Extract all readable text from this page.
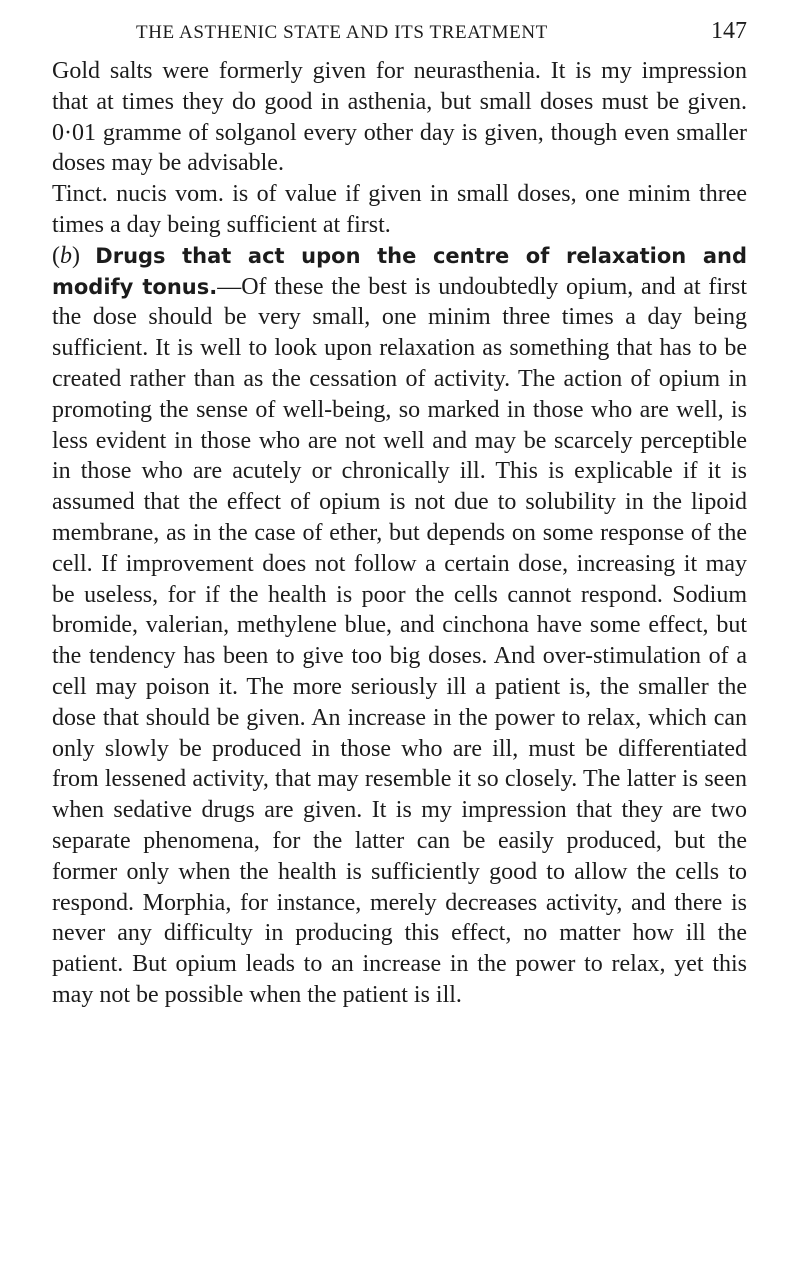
THE ASTHENIC STATE AND ITS TREATMENT	147

Gold salts were formerly given for neurasthenia. It is my impression that at times they do good in asthenia, but small doses must be given. 0·01 gramme of solganol every other day is given, though even smaller doses may be advisable.

Tinct. nucis vom. is of value if given in small doses, one minim three times a day being sufficient at first.

(b) Drugs that act upon the centre of relaxation and modify tonus.—Of these the best is undoubtedly opium, and at first the dose should be very small, one minim three times a day being sufficient. It is well to look upon relaxation as something that has to be created rather than as the cessation of activity. The action of opium in promoting the sense of well-being, so marked in those who are well, is less evident in those who are not well and may be scarcely perceptible in those who are acutely or chronically ill. This is explicable if it is assumed that the effect of opium is not due to solubility in the lipoid membrane, as in the case of ether, but depends on some response of the cell. If improvement does not follow a certain dose, increasing it may be useless, for if the health is poor the cells cannot respond. Sodium bromide, valerian, methylene blue, and cinchona have some effect, but the tendency has been to give too big doses. And over-stimulation of a cell may poison it. The more seriously ill a patient is, the smaller the dose that should be given. An increase in the power to relax, which can only slowly be produced in those who are ill, must be differentiated from lessened activity, that may resemble it so closely. The latter is seen when sedative drugs are given. It is my impression that they are two separate phenomena, for the latter can be easily produced, but the former only when the health is sufficiently good to allow the cells to respond. Morphia, for instance, merely decreases activity, and there is never any difficulty in producing this effect, no matter how ill the patient. But opium leads to an increase in the power to relax, yet this may not be possible when the patient is ill.
